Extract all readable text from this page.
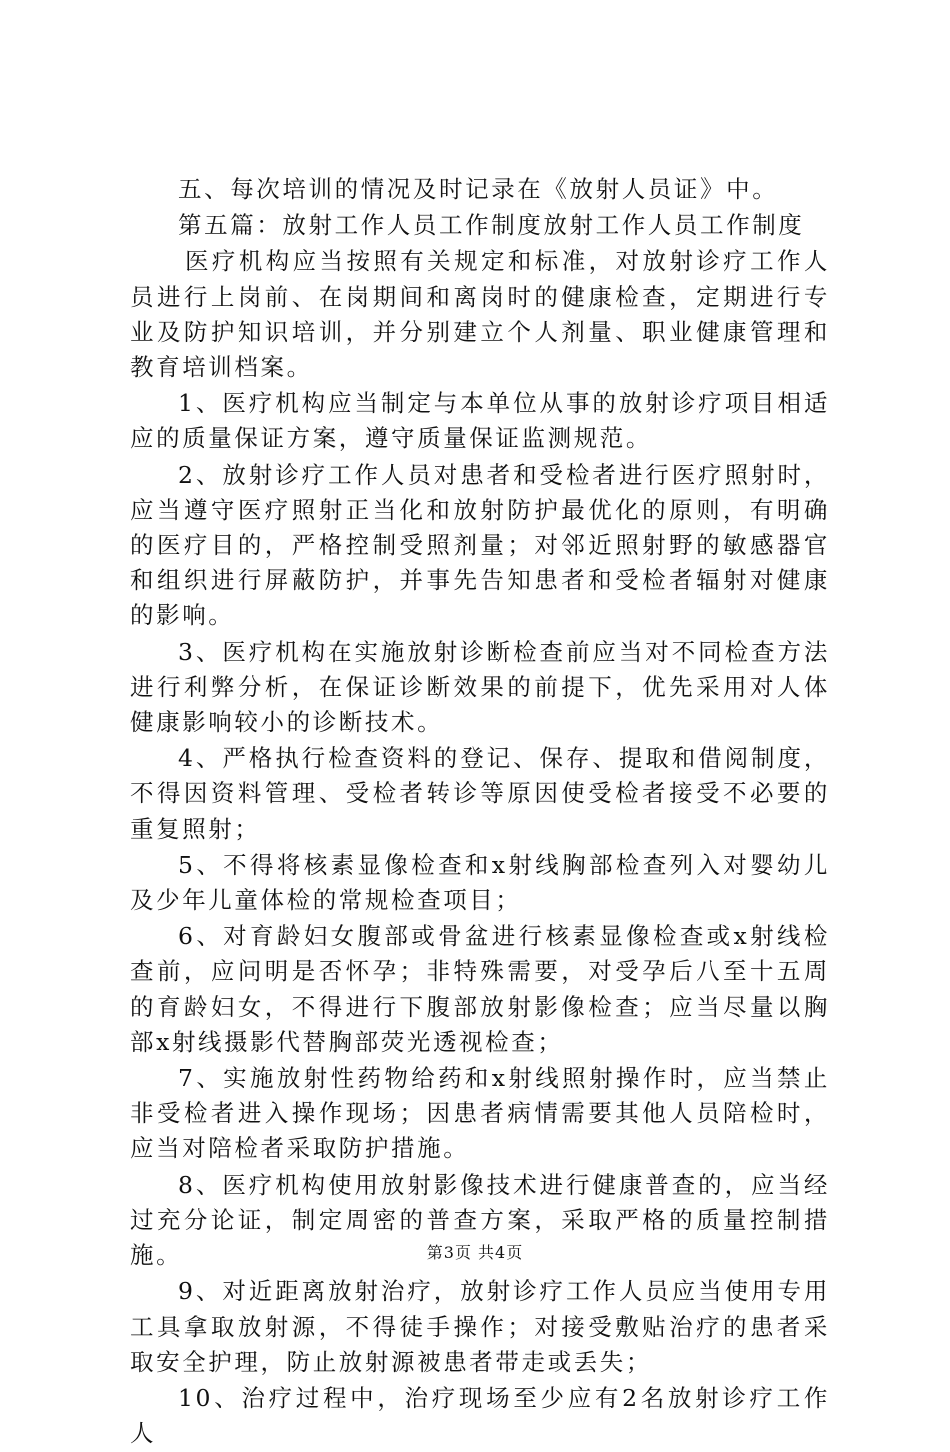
五、每次培训的情况及时记录在《放射人员证》中。

第五篇：放射工作人员工作制度放射工作人员工作制度

医疗机构应当按照有关规定和标准，对放射诊疗工作人员进行上岗前、在岗期间和离岗时的健康检查，定期进行专业及防护知识培训，并分别建立个人剂量、职业健康管理和教育培训档案。

1、医疗机构应当制定与本单位从事的放射诊疗项目相适应的质量保证方案，遵守质量保证监测规范。

2、放射诊疗工作人员对患者和受检者进行医疗照射时，应当遵守医疗照射正当化和放射防护最优化的原则，有明确的医疗目的，严格控制受照剂量；对邻近照射野的敏感器官和组织进行屏蔽防护，并事先告知患者和受检者辐射对健康的影响。

3、医疗机构在实施放射诊断检查前应当对不同检查方法进行利弊分析，在保证诊断效果的前提下，优先采用对人体健康影响较小的诊断技术。

4、严格执行检查资料的登记、保存、提取和借阅制度，不得因资料管理、受检者转诊等原因使受检者接受不必要的重复照射；

5、不得将核素显像检查和x射线胸部检查列入对婴幼儿及少年儿童体检的常规检查项目；

6、对育龄妇女腹部或骨盆进行核素显像检查或x射线检查前，应问明是否怀孕；非特殊需要，对受孕后八至十五周的育龄妇女，不得进行下腹部放射影像检查；应当尽量以胸部x射线摄影代替胸部荧光透视检查；

7、实施放射性药物给药和x射线照射操作时，应当禁止非受检者进入操作现场；因患者病情需要其他人员陪检时，应当对陪检者采取防护措施。

8、医疗机构使用放射影像技术进行健康普查的，应当经过充分论证，制定周密的普查方案，采取严格的质量控制措施。

9、对近距离放射治疗，放射诊疗工作人员应当使用专用工具拿取放射源，不得徒手操作；对接受敷贴治疗的患者采取安全护理，防止放射源被患者带走或丢失；

10、治疗过程中，治疗现场至少应有2名放射诊疗工作人

第3页 共4页
